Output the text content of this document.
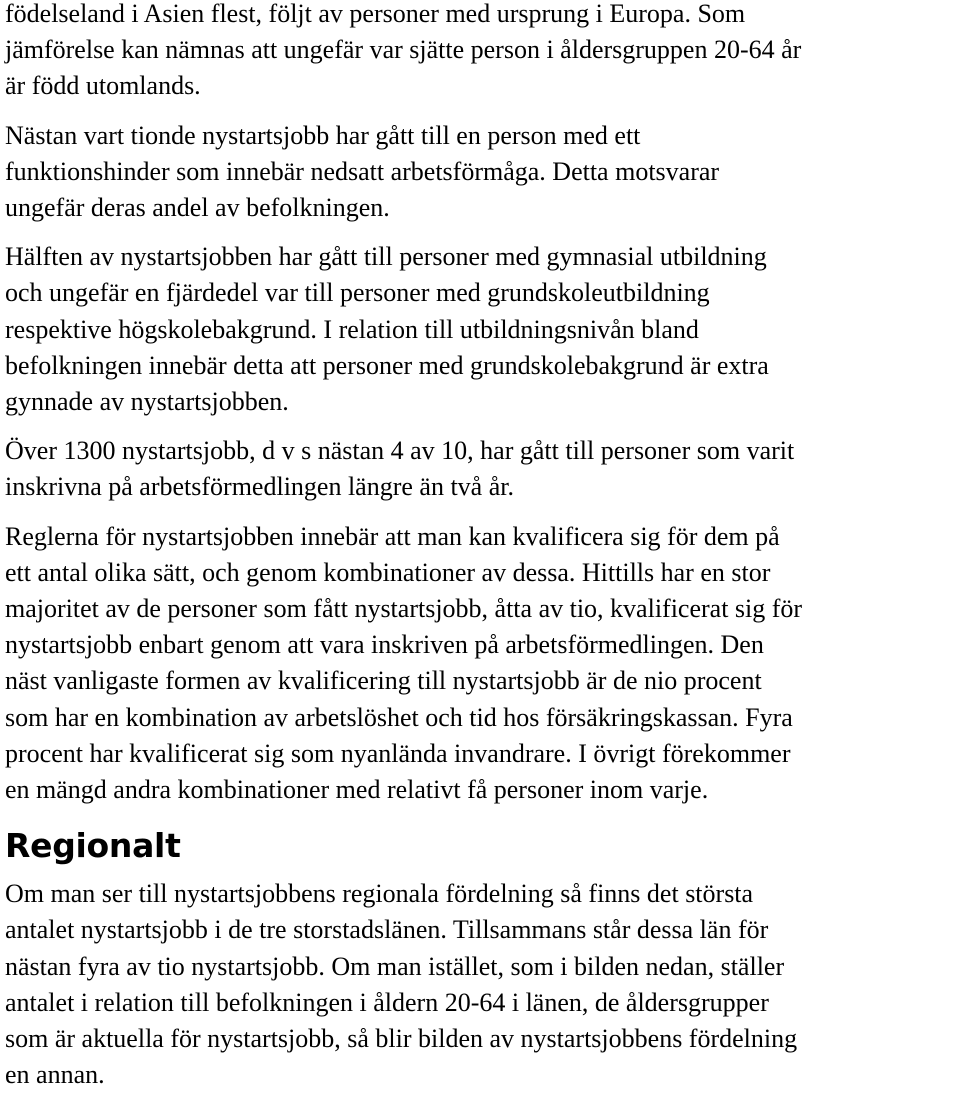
födelseland i Asien flest, följt av personer med ursprung i Europa. Som
jämförelse kan nämnas att ungefär var sjätte person i åldersgruppen 20-64 år
är född utomlands.

Nästan vart tionde nystartsjobb har gått till en person med ett
funktionshinder som innebär nedsatt arbetsförmåga. Detta motsvarar
ungefär deras andel av befolkningen.

Hälften av nystartsjobben har gått till personer med gymnasial utbildning
och ungefär en fjärdedel var till personer med grundskoleutbildning
respektive högskolebakgrund. I relation till utbildningsnivån bland
befolkningen innebär detta att personer med grundskolebakgrund är extra
gynnade av nystartsjobben.

Över 1300 nystartsjobb, d v s nästan 4 av 10, har gått till personer som varit
inskrivna på arbetsförmedlingen längre än två år.

Reglerna för nystartsjobben innebär att man kan kvalificera sig för dem på
ett antal olika sätt, och genom kombinationer av dessa. Hittills har en stor
majoritet av de personer som fått nystartsjobb, åtta av tio, kvalificerat sig för
nystartsjobb enbart genom att vara inskriven på arbetsförmedlingen. Den
näst vanligaste formen av kvalificering till nystartsjobb är de nio procent
som har en kombination av arbetslöshet och tid hos försäkringskassan. Fyra
procent har kvalificerat sig som nyanlända invandrare. I övrigt förekommer
en mängd andra kombinationer med relativt få personer inom varje.

Regionalt

Om man ser till nystartsjobbens regionala fördelning så finns det största
antalet nystartsjobb i de tre storstadslänen. Tillsammans står dessa län för
nästan fyra av tio nystartsjobb. Om man istället, som i bilden nedan, ställer
antalet i relation till befolkningen i åldern 20-64 i länen, de åldersgrupper
som är aktuella för nystartsjobb, så blir bilden av nystartsjobbens fördelning
en annan.
